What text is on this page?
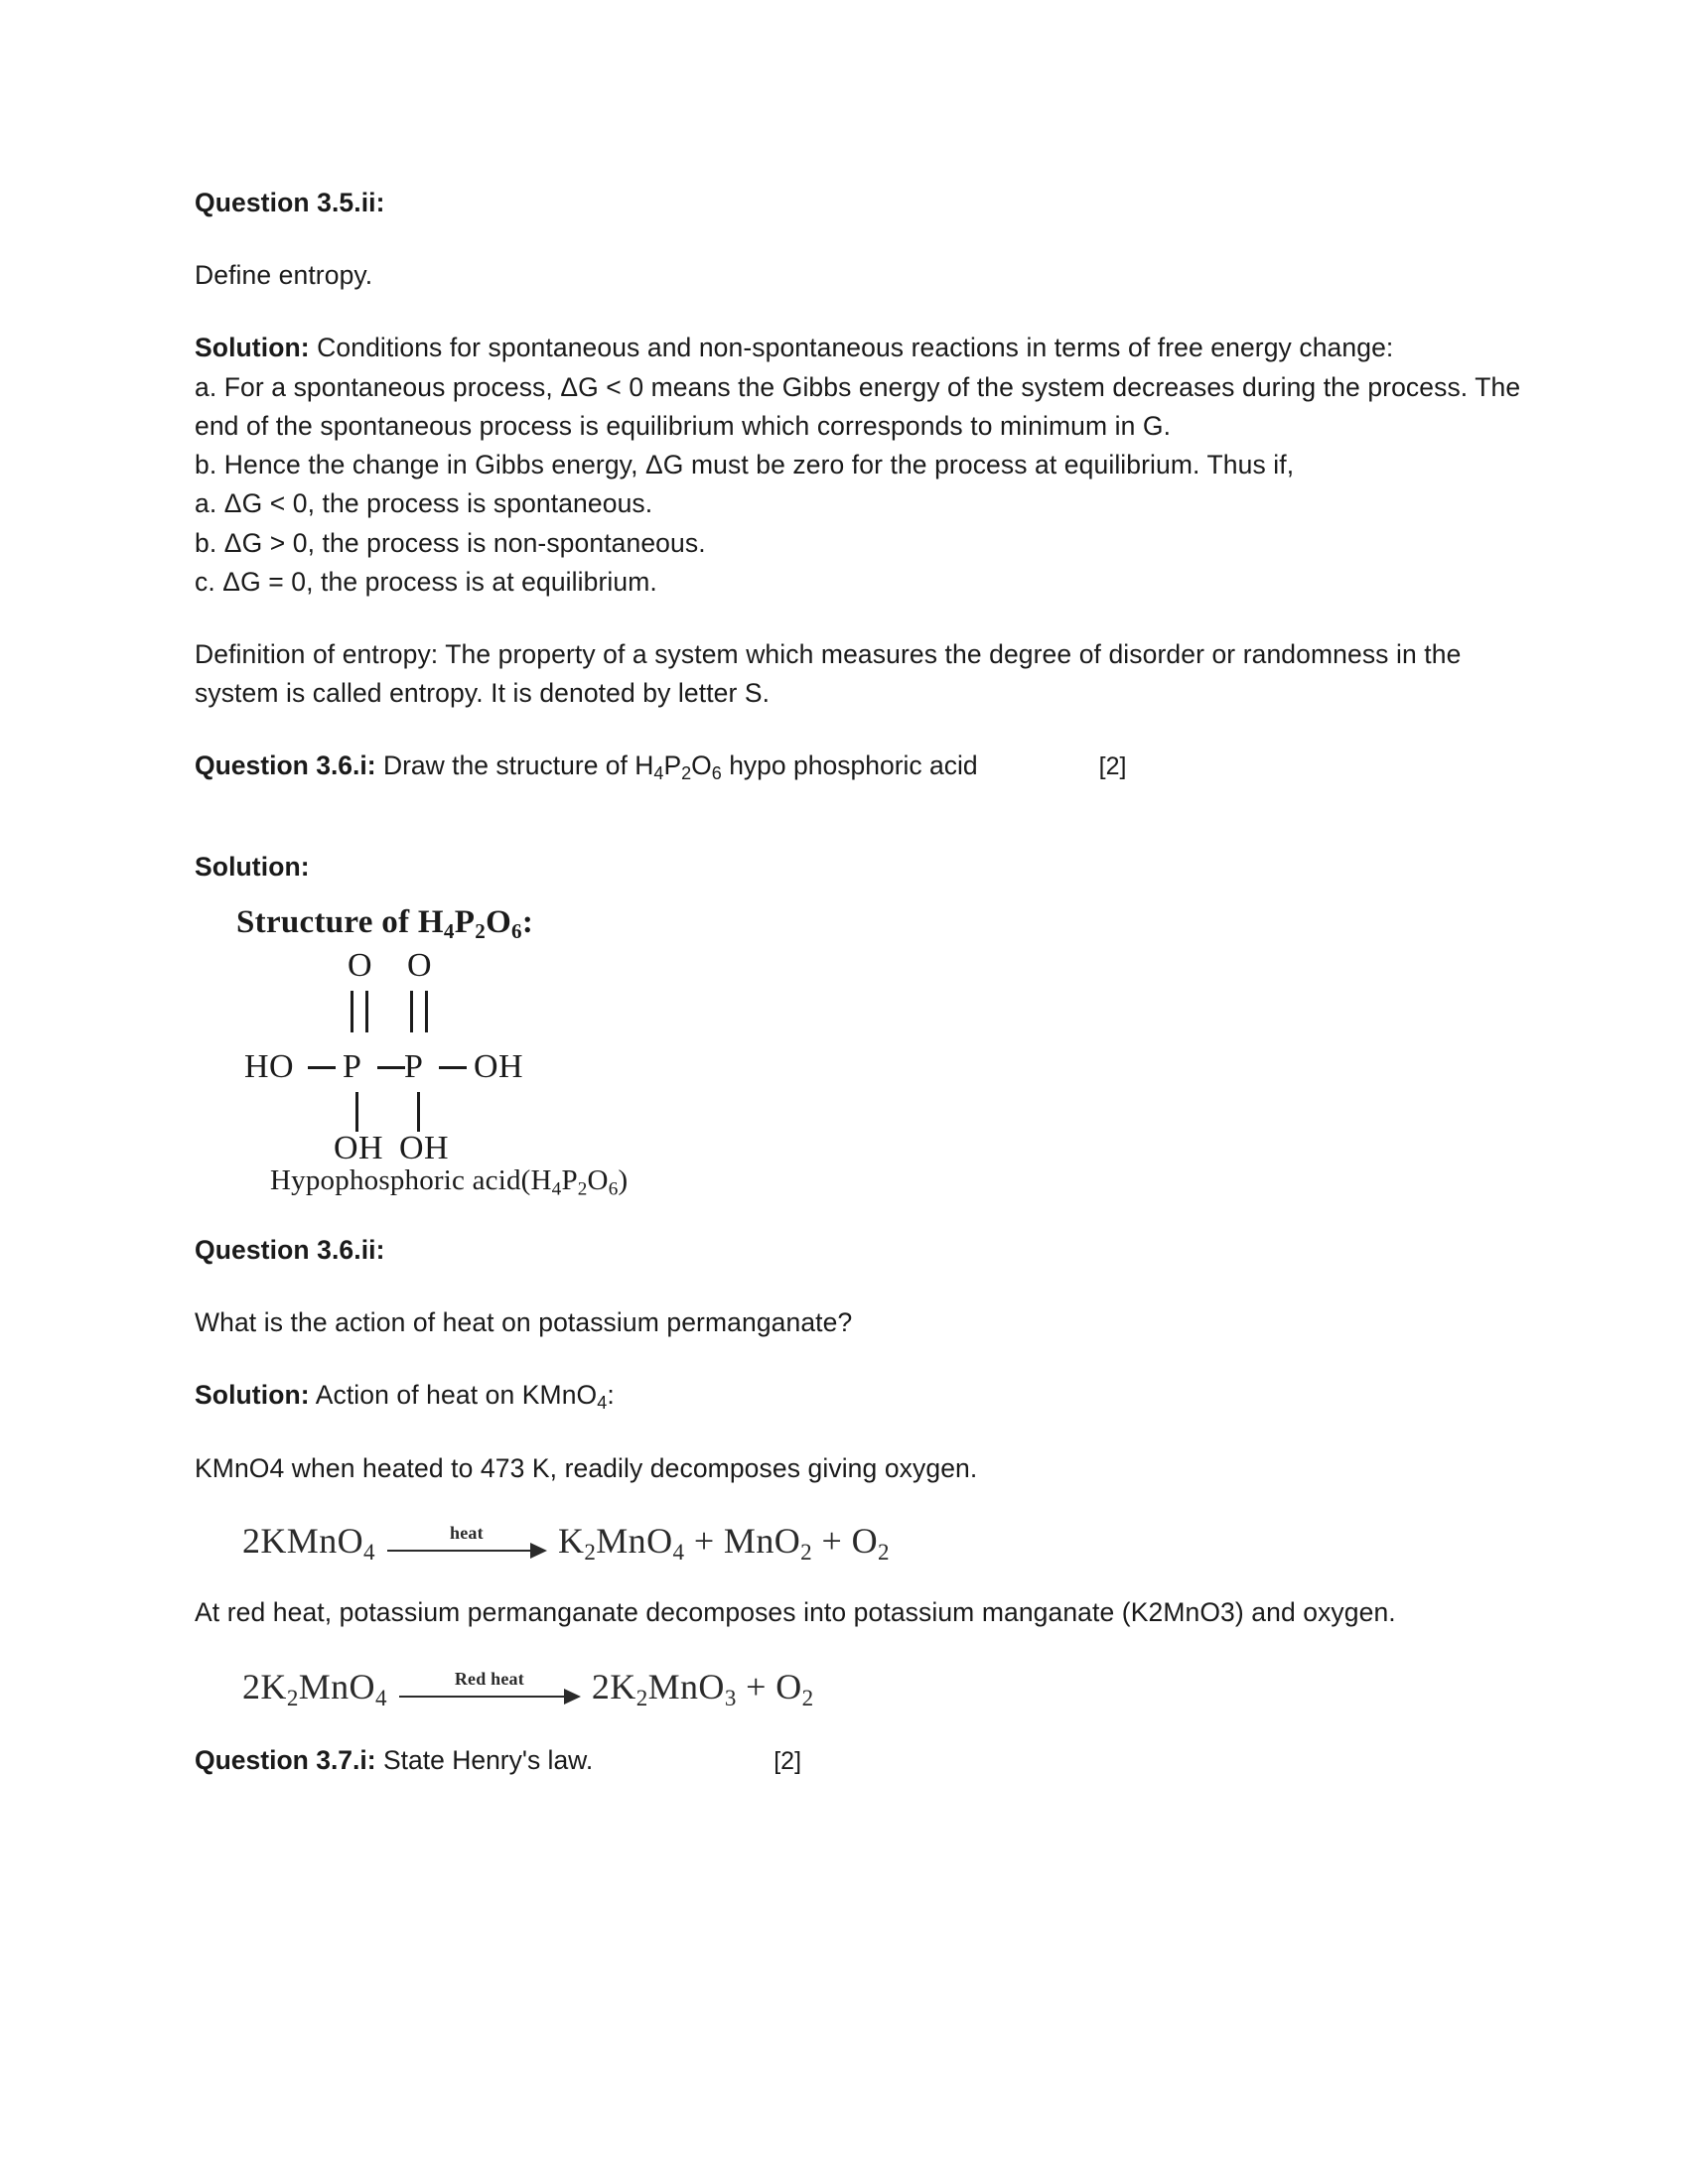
Question 3.5.ii:

Define entropy.

Solution: Conditions for spontaneous and non-spontaneous reactions in terms of free energy change:

a. For a spontaneous process, ΔG < 0 means the Gibbs energy of the system decreases during the process. The end of the spontaneous process is equilibrium which corresponds to minimum in G.

b. Hence the change in Gibbs energy, ΔG must be zero for the process at equilibrium. Thus if,

a. ΔG < 0, the process is spontaneous.

b. ΔG > 0, the process is non-spontaneous.

c. ΔG = 0, the process is at equilibrium.

Definition of entropy: The property of a system which measures the degree of disorder or randomness in the system is called entropy. It is denoted by letter S.

Question 3.6.i: Draw the structure of $H_4P_2O_6$ hypo phosphoric acid	[2]

Solution:

Structure of $H_4P_2O_6$:
O O
HO P P OH
OH OH
Hypophosphoric $acid(H_4P_2O_6)$

Question 3.6.ii:

What is the action of heat on potassium permanganate?

Solution: Action of heat on KMnO$_4$:

KMnO4 when heated to 473 K, readily decomposes giving oxygen.

2KMnO$_4$
heat	$K_2MnO_4 + MnO_2 + O_2$

At red heat, potassium permanganate decomposes into potassium manganate (K2MnO3) and oxygen.

$2K_2MnO_4$
Red heat	$2K_2MnO_3 + O_2$
Question 3.7.i: State Henry's law.	[2]
